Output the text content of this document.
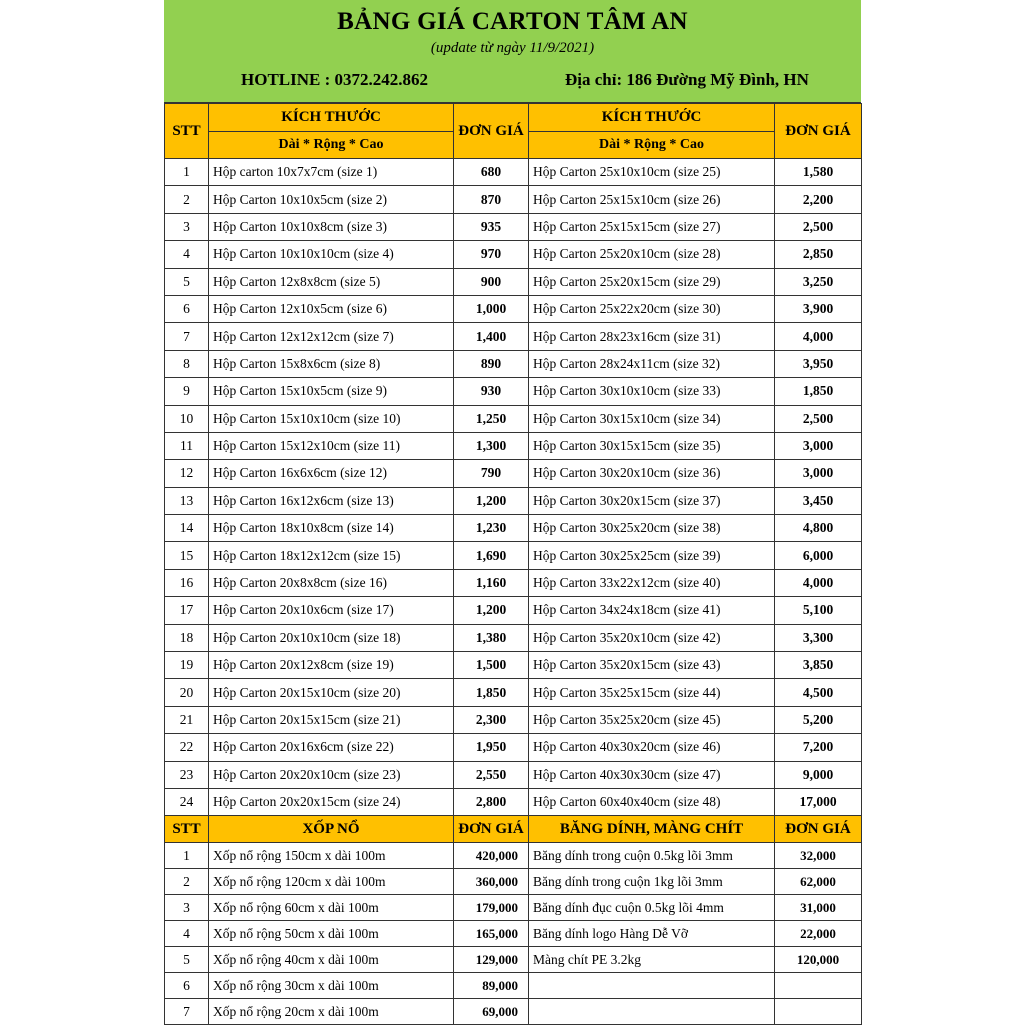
BẢNG GIÁ CARTON TÂM AN
(update từ ngày 11/9/2021)
HOTLINE : 0372.242.862	Địa chỉ: 186 Đường Mỹ Đình, HN
STT	KÍCH THƯỚC	ĐƠN GIÁ	KÍCH THƯỚC	ĐƠN GIÁ
	Dài * Rộng * Cao		Dài * Rộng * Cao	
1	Hộp carton 10x7x7cm (size 1)	680	Hộp Carton 25x10x10cm (size 25)	1,580
2	Hộp Carton 10x10x5cm (size 2)	870	Hộp Carton 25x15x10cm (size 26)	2,200
3	Hộp Carton 10x10x8cm (size 3)	935	Hộp Carton 25x15x15cm (size 27)	2,500
4	Hộp Carton 10x10x10cm (size 4)	970	Hộp Carton 25x20x10cm (size 28)	2,850
5	Hộp Carton 12x8x8cm (size 5)	900	Hộp Carton 25x20x15cm (size 29)	3,250
6	Hộp Carton 12x10x5cm (size 6)	1,000	Hộp Carton 25x22x20cm (size 30)	3,900
7	Hộp Carton 12x12x12cm (size 7)	1,400	Hộp Carton 28x23x16cm (size 31)	4,000
8	Hộp Carton 15x8x6cm (size 8)	890	Hộp Carton 28x24x11cm (size 32)	3,950
9	Hộp Carton 15x10x5cm (size 9)	930	Hộp Carton 30x10x10cm (size 33)	1,850
10	Hộp Carton 15x10x10cm (size 10)	1,250	Hộp Carton 30x15x10cm (size 34)	2,500
11	Hộp Carton 15x12x10cm (size 11)	1,300	Hộp Carton 30x15x15cm (size 35)	3,000
12	Hộp Carton 16x6x6cm (size 12)	790	Hộp Carton 30x20x10cm (size 36)	3,000
13	Hộp Carton 16x12x6cm (size 13)	1,200	Hộp Carton 30x20x15cm (size 37)	3,450
14	Hộp Carton 18x10x8cm (size 14)	1,230	Hộp Carton 30x25x20cm (size 38)	4,800
15	Hộp Carton 18x12x12cm (size 15)	1,690	Hộp Carton 30x25x25cm (size 39)	6,000
16	Hộp Carton 20x8x8cm (size 16)	1,160	Hộp Carton 33x22x12cm (size 40)	4,000
17	Hộp Carton 20x10x6cm (size 17)	1,200	Hộp Carton 34x24x18cm (size 41)	5,100
18	Hộp Carton 20x10x10cm (size 18)	1,380	Hộp Carton 35x20x10cm (size 42)	3,300
19	Hộp Carton 20x12x8cm (size 19)	1,500	Hộp Carton 35x20x15cm (size 43)	3,850
20	Hộp Carton 20x15x10cm (size 20)	1,850	Hộp Carton 35x25x15cm (size 44)	4,500
21	Hộp Carton 20x15x15cm (size 21)	2,300	Hộp Carton 35x25x20cm (size 45)	5,200
22	Hộp Carton 20x16x6cm (size 22)	1,950	Hộp Carton 40x30x20cm (size 46)	7,200
23	Hộp Carton 20x20x10cm (size 23)	2,550	Hộp Carton 40x30x30cm (size 47)	9,000
24	Hộp Carton 20x20x15cm (size 24)	2,800	Hộp Carton 60x40x40cm (size 48)	17,000
STT	XỐP NỔ	ĐƠN GIÁ	BĂNG DÍNH, MÀNG CHÍT	ĐƠN GIÁ
1	Xốp nổ rộng 150cm x dài 100m	420,000	Băng dính trong cuộn 0.5kg lõi 3mm	32,000
2	Xốp nổ rộng 120cm x dài 100m	360,000	Băng dính trong cuộn 1kg lõi 3mm	62,000
3	Xốp nổ rộng 60cm x dài 100m	179,000	Băng dính đục cuộn 0.5kg lõi 4mm	31,000
4	Xốp nổ rộng 50cm x dài 100m	165,000	Băng dính logo Hàng Dễ Vỡ	22,000
5	Xốp nổ rộng 40cm x dài 100m	129,000	Màng chít PE 3.2kg	120,000
6	Xốp nổ rộng 30cm x dài 100m	89,000		
7	Xốp nổ rộng 20cm x dài 100m	69,000		
